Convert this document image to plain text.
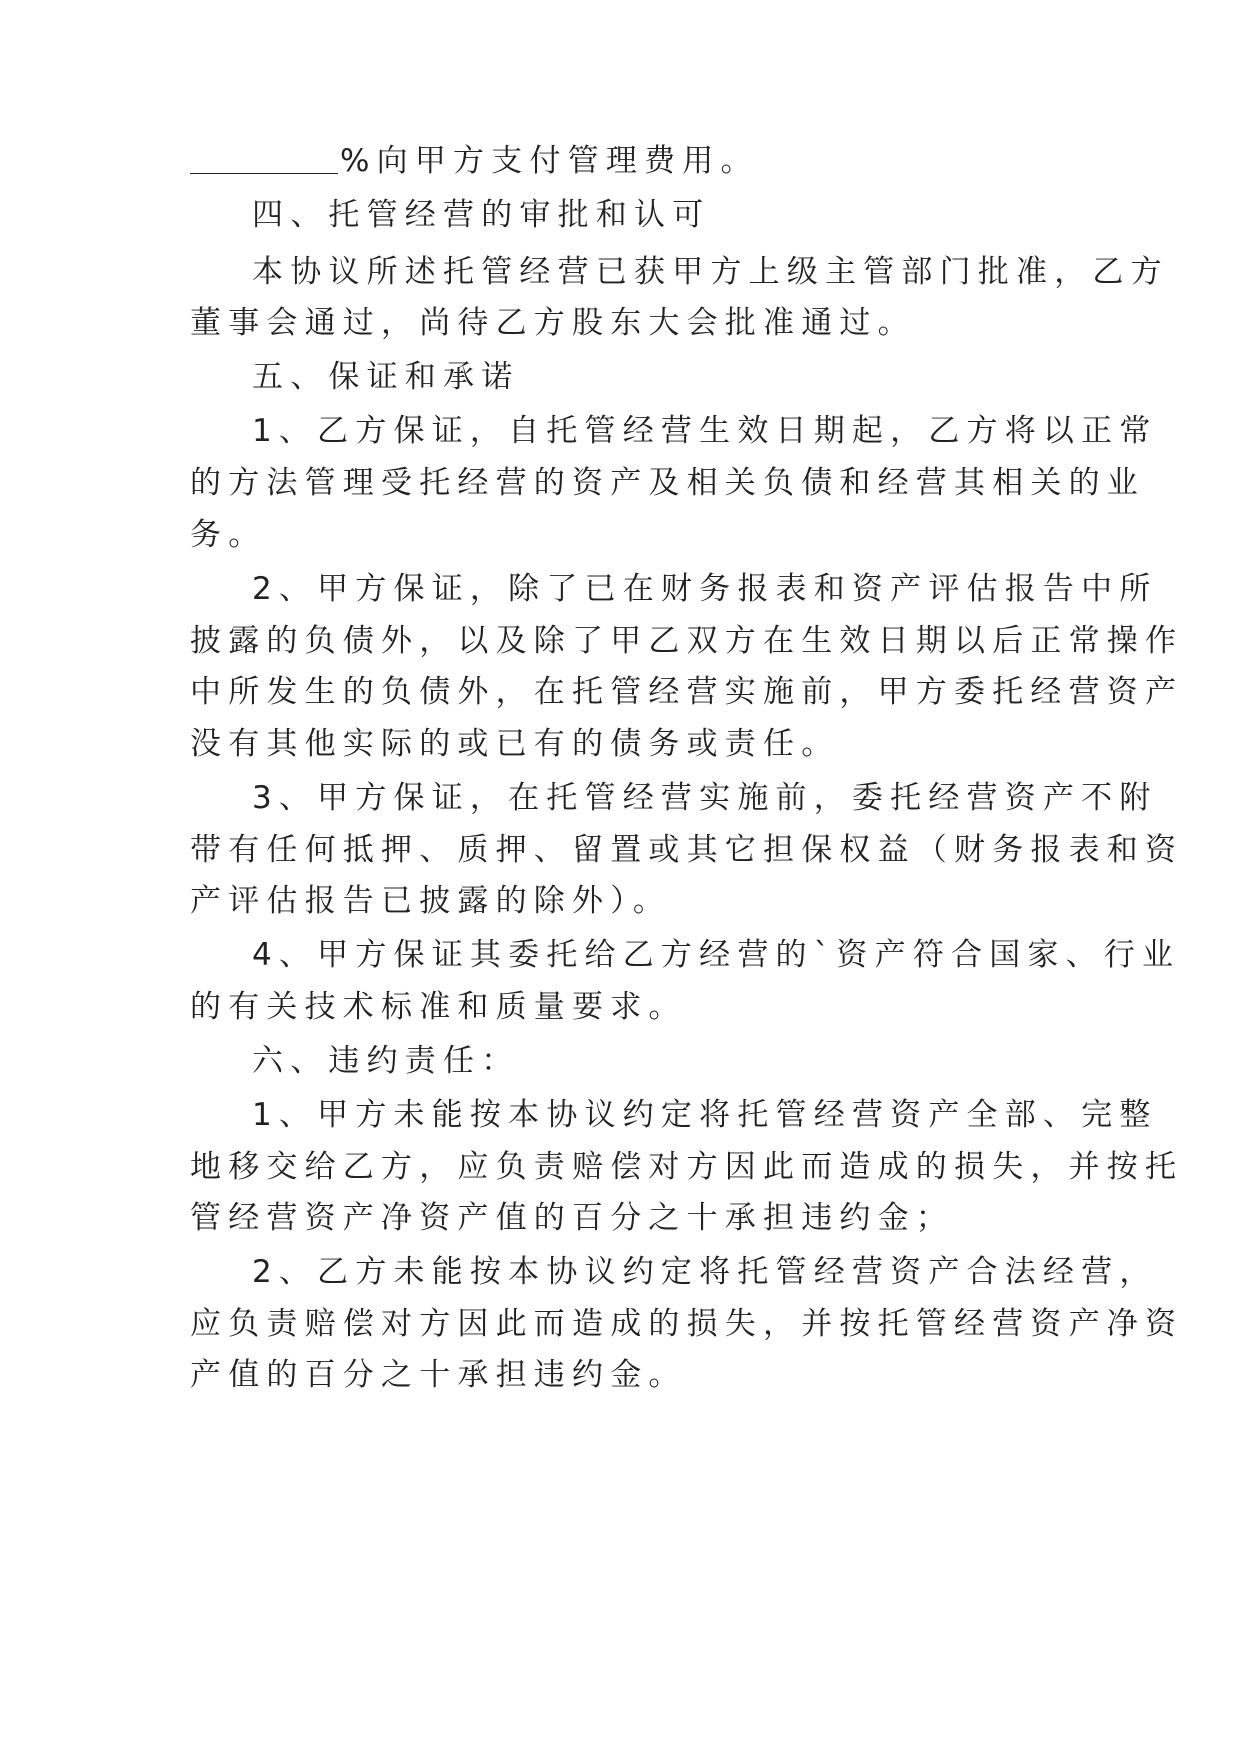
%向甲方支付管理费用。
四、托管经营的审批和认可
本协议所述托管经营已获甲方上级主管部门批准，乙方
董事会通过，尚待乙方股东大会批准通过。
五、保证和承诺
1、乙方保证，自托管经营生效日期起，乙方将以正常
的方法管理受托经营的资产及相关负债和经营其相关的业
务。
2、甲方保证，除了已在财务报表和资产评估报告中所
披露的负债外，以及除了甲乙双方在生效日期以后正常操作
中所发生的负债外，在托管经营实施前，甲方委托经营资产
没有其他实际的或已有的债务或责任。
3、甲方保证，在托管经营实施前，委托经营资产不附
带有任何抵押、质押、留置或其它担保权益（财务报表和资
产评估报告已披露的除外）。
4、甲方保证其委托给乙方经营的`资产符合国家、行业
的有关技术标准和质量要求。
六、违约责任：
1、甲方未能按本协议约定将托管经营资产全部、完整
地移交给乙方，应负责赔偿对方因此而造成的损失，并按托
管经营资产净资产值的百分之十承担违约金；
2、乙方未能按本协议约定将托管经营资产合法经营，
应负责赔偿对方因此而造成的损失，并按托管经营资产净资
产值的百分之十承担违约金。
